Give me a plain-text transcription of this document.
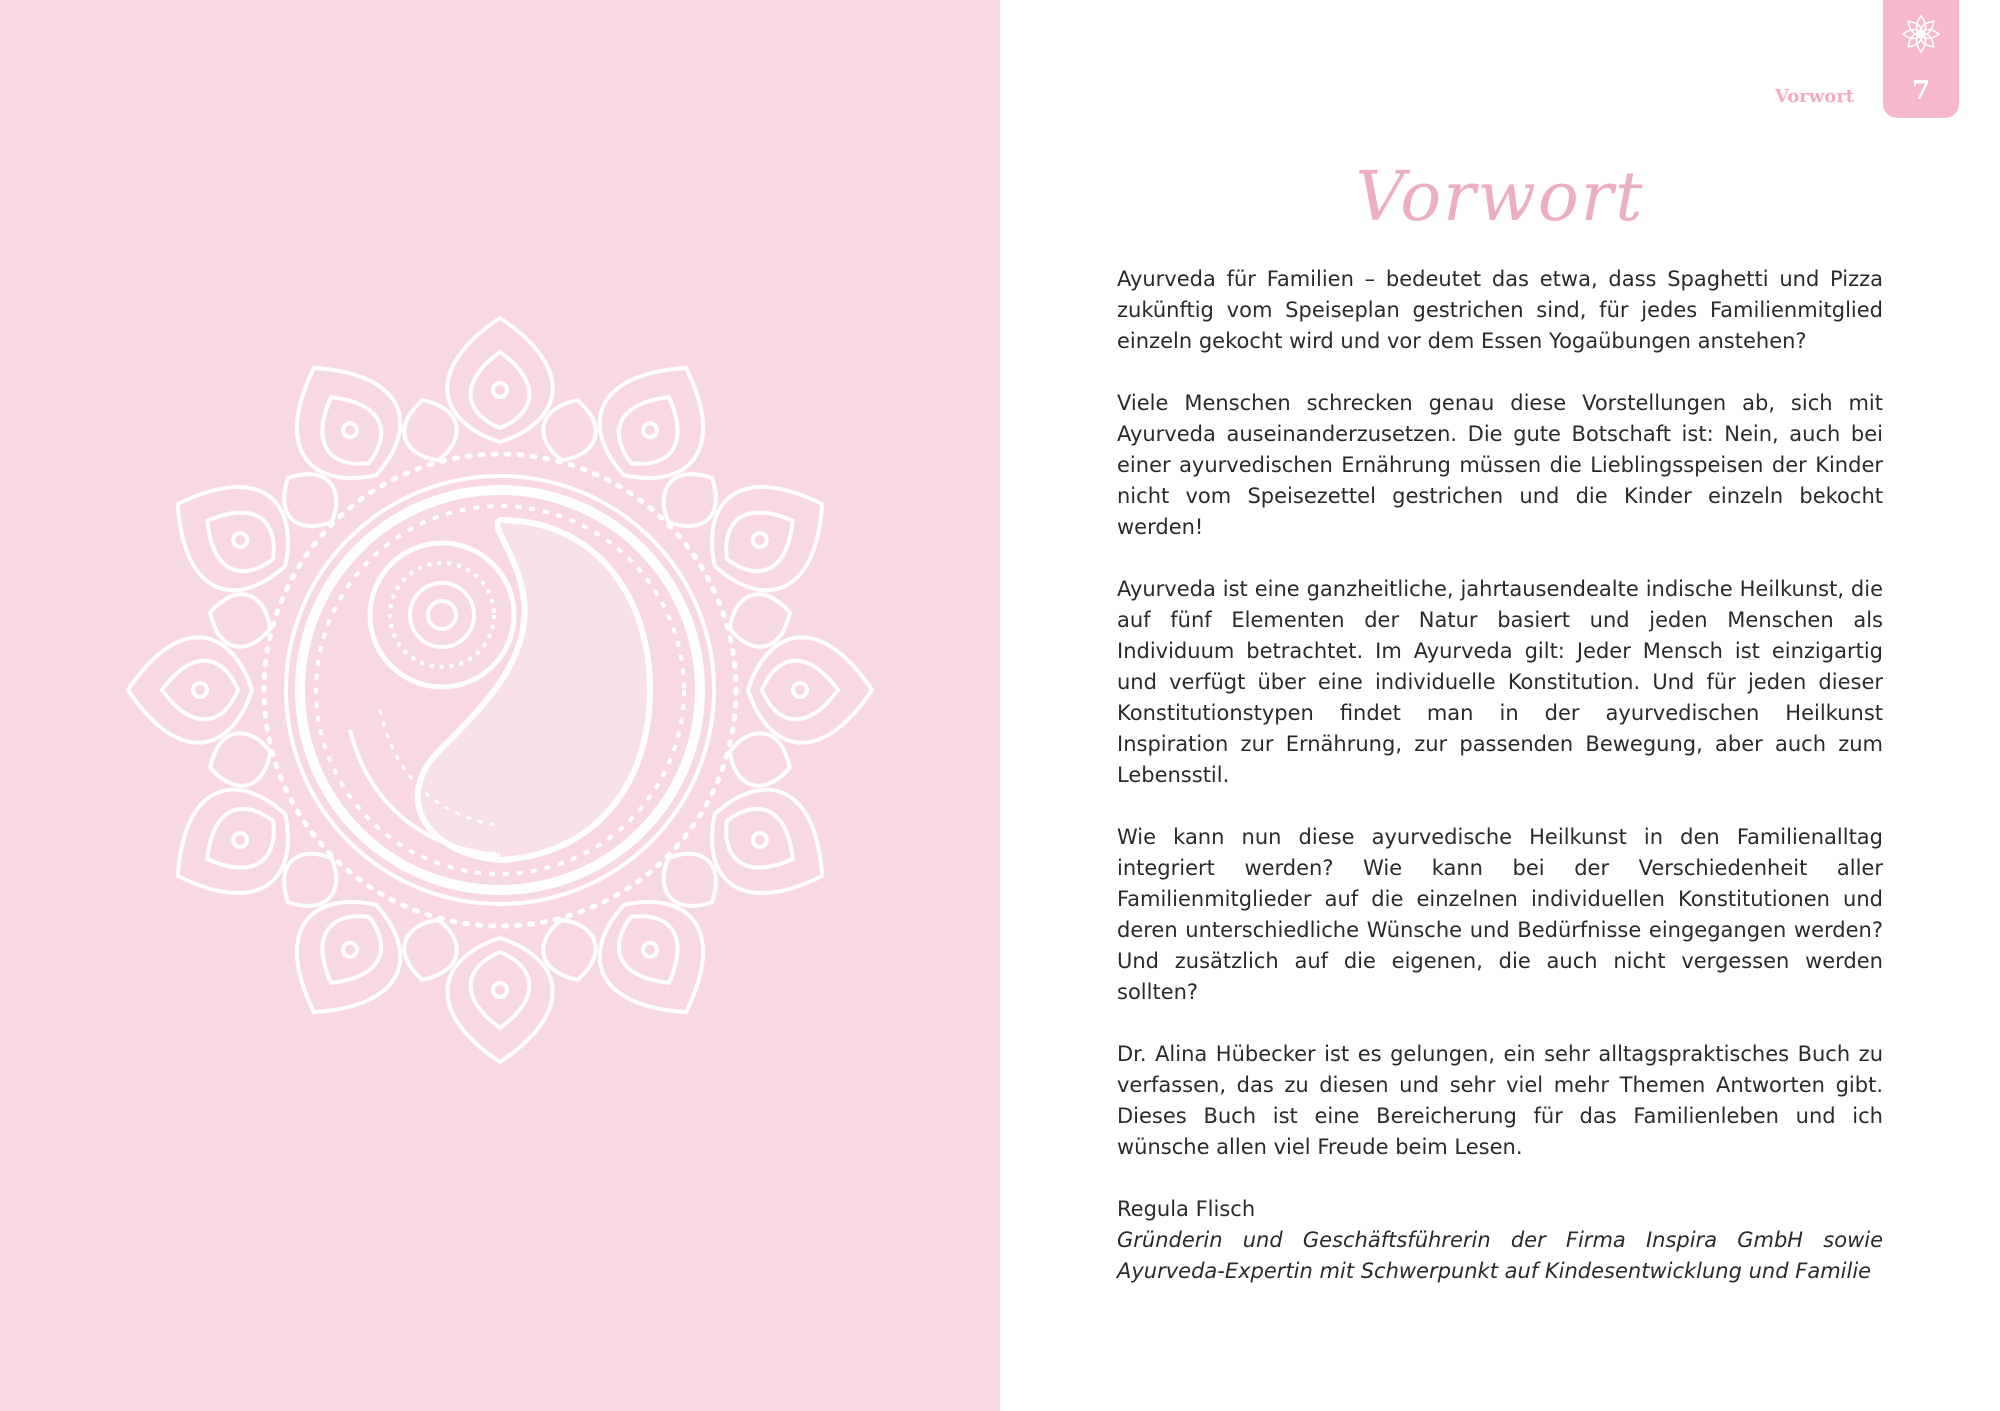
7
Vorwort
Vorwort

Ayurveda für Familien – bedeutet das etwa, dass Spaghetti und Pizza zukünftig vom Speiseplan gestrichen sind, für jedes Familienmitglied einzeln gekocht wird und vor dem Essen Yogaübungen anstehen?

Viele Menschen schrecken genau diese Vorstellungen ab, sich mit Ayurveda auseinanderzusetzen. Die gute Botschaft ist: Nein, auch bei einer ayurvedischen Ernährung müssen die Lieblingsspeisen der Kinder nicht vom Speisezettel gestrichen und die Kinder einzeln bekocht werden!

Ayurveda ist eine ganzheitliche, jahrtausendealte indische Heilkunst, die auf fünf Elementen der Natur basiert und jeden Menschen als Individuum betrachtet. Im Ayurveda gilt: Jeder Mensch ist einzigartig und verfügt über eine individuelle Konstitution. Und für jeden dieser Konstitutionstypen findet man in der ayurvedischen Heilkunst Inspiration zur Ernährung, zur passenden Bewegung, aber auch zum Lebensstil.

Wie kann nun diese ayurvedische Heilkunst in den Familienalltag integriert werden? Wie kann bei der Verschiedenheit aller Familienmitglieder auf die einzelnen individuellen Konstitutionen und deren unterschiedliche Wünsche und Bedürfnisse eingegangen werden? Und zusätzlich auf die eigenen, die auch nicht vergessen werden sollten?

Dr. Alina Hübecker ist es gelungen, ein sehr alltagspraktisches Buch zu verfassen, das zu diesen und sehr viel mehr Themen Antworten gibt. Dieses Buch ist eine Bereicherung für das Familienleben und ich wünsche allen viel Freude beim Lesen.

Regula Flisch
Gründerin und Geschäftsführerin der Firma Inspira GmbH sowie Ayurveda-Expertin mit Schwerpunkt auf Kindesentwicklung und Familie
